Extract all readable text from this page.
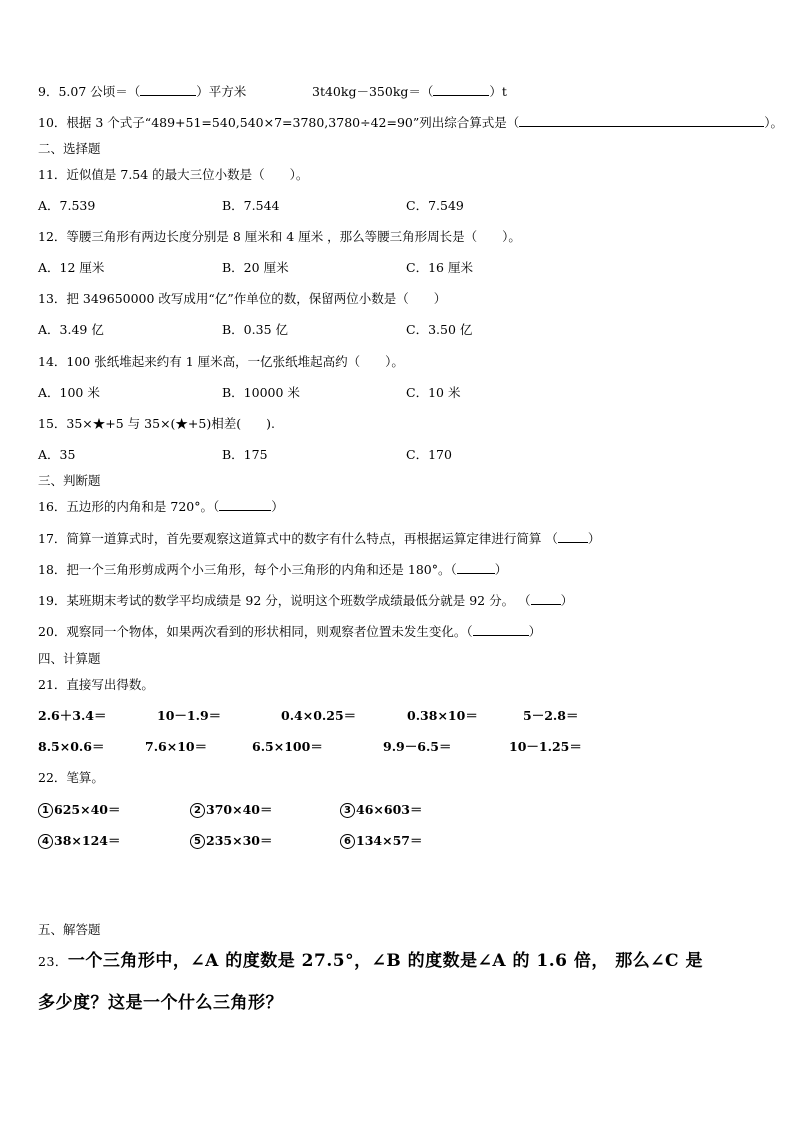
9．5.07 公顷＝（	）平方米	3t40kg－350kg＝（	）t
10．根据 3 个式子“489+51=540,540×7=3780,3780÷42=90”列出综合算式是（	）。
二、选择题
11．近似值是 7.54 的最大三位小数是（　　）。
A．7.539	B．7.544	C．7.549
12．等腰三角形有两边长度分别是 8 厘米和 4 厘米 ，那么等腰三角形周长是（　　）。
A．12 厘米	B．20 厘米	C．16 厘米
13．把 349650000 改写成用“亿”作单位的数，保留两位小数是（　　）
A．3.49 亿	B．0.35 亿	C．3.50 亿
14．100 张纸堆起来约有 1 厘米高，一亿张纸堆起高约（　　）。
A．100 米	B．10000 米	C．10 米
15．35×★+5 与 35×(★+5)相差(　　).
A．35	B．175	C．170
三、判断题
16．五边形的内角和是 720°。（	）
17．简算一道算式时，首先要观察这道算式中的数字有什么特点，再根据运算定律进行简算 （ ）
18．把一个三角形剪成两个小三角形，每个小三角形的内角和还是 180°。（	）
19．某班期末考试的数学平均成绩是 92 分，说明这个班数学成绩最低分就是 92 分。 （ ）
20．观察同一个物体，如果两次看到的形状相同，则观察者位置未发生变化。（	）
四、计算题
21．直接写出得数。
2.6＋3.4＝	10－1.9＝	0.4×0.25＝	0.38×10＝	5－2.8＝
8.5×0.6＝	7.6×10＝	6.5×100＝	9.9－6.5＝	10－1.25＝
22．笔算。
1 625×40＝	2 370×40＝	3 46×603＝
4 38×124＝	5 235×30＝	6 134×57＝
五、解答题
23．一个三角形中，∠A 的度数是 27.5°，∠B 的度数是∠A 的 1.6 倍， 那么∠C 是
多少度？这是一个什么三角形？
